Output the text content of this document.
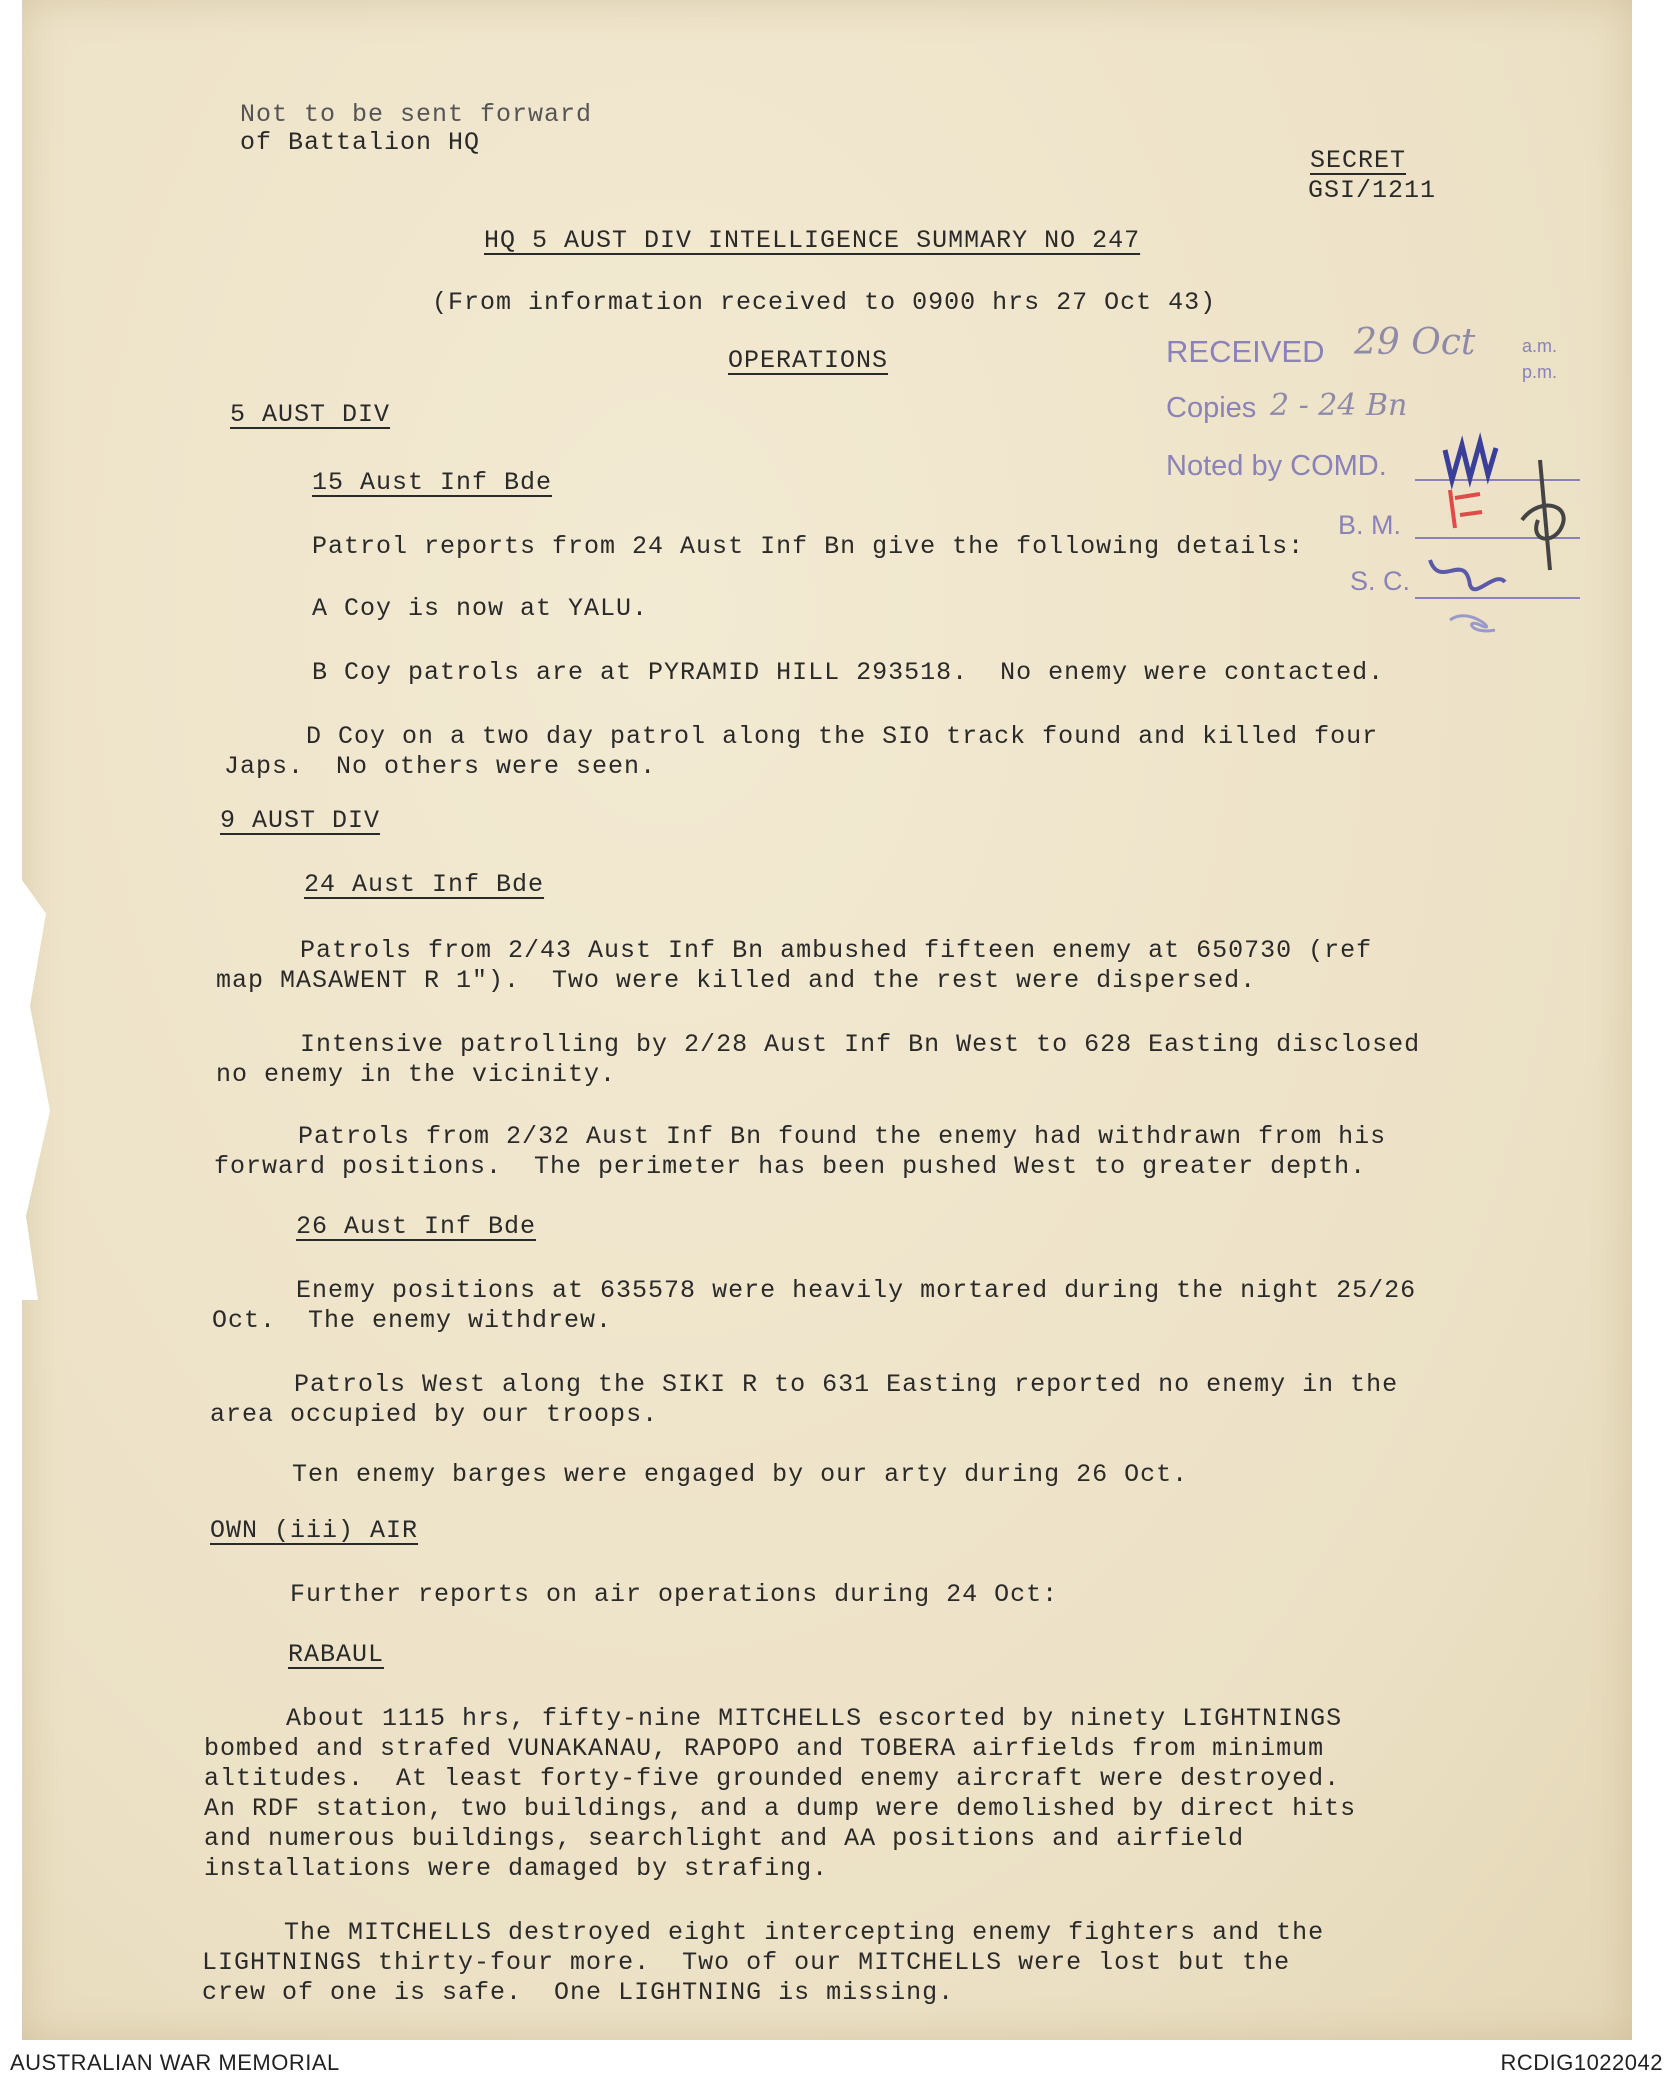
Not to be sent forward
of Battalion HQ
SECRET
GSI/1211
HQ 5 AUST DIV INTELLIGENCE SUMMARY NO 247
(From information received to 0900 hrs 27 Oct 43)
OPERATIONS	RECEIVED 29 Oct	a.m.
p.m.
Copies 2 - 24 Bn
Noted by COMD.
B. M.
S. C.
5 AUST DIV
15 Aust Inf Bde
Patrol reports from 24 Aust Inf Bn give the following details:
A Coy is now at YALU.
B Coy patrols are at PYRAMID HILL 293518.  No enemy were contacted.
D Coy on a two day patrol along the SIO track found and killed four
Japs.  No others were seen.
9 AUST DIV
24 Aust Inf Bde
Patrols from 2/43 Aust Inf Bn ambushed fifteen enemy at 650730 (ref
map MASAWENT R 1").  Two were killed and the rest were dispersed.
Intensive patrolling by 2/28 Aust Inf Bn West to 628 Easting disclosed
no enemy in the vicinity.
Patrols from 2/32 Aust Inf Bn found the enemy had withdrawn from his
forward positions.  The perimeter has been pushed West to greater depth.
26 Aust Inf Bde
Enemy positions at 635578 were heavily mortared during the night 25/26
Oct.  The enemy withdrew.
Patrols West along the SIKI R to 631 Easting reported no enemy in the
area occupied by our troops.
Ten enemy barges were engaged by our arty during 26 Oct.
OWN (iii) AIR
Further reports on air operations during 24 Oct:
RABAUL
About 1115 hrs, fifty-nine MITCHELLS escorted by ninety LIGHTNINGS
bombed and strafed VUNAKANAU, RAPOPO and TOBERA airfields from minimum
altitudes.  At least forty-five grounded enemy aircraft were destroyed.
An RDF station, two buildings, and a dump were demolished by direct hits
and numerous buildings, searchlight and AA positions and airfield
installations were damaged by strafing.
The MITCHELLS destroyed eight intercepting enemy fighters and the
LIGHTNINGS thirty-four more.  Two of our MITCHELLS were lost but the
crew of one is safe.  One LIGHTNING is missing.
AUSTRALIAN WAR MEMORIAL	RCDIG1022042
